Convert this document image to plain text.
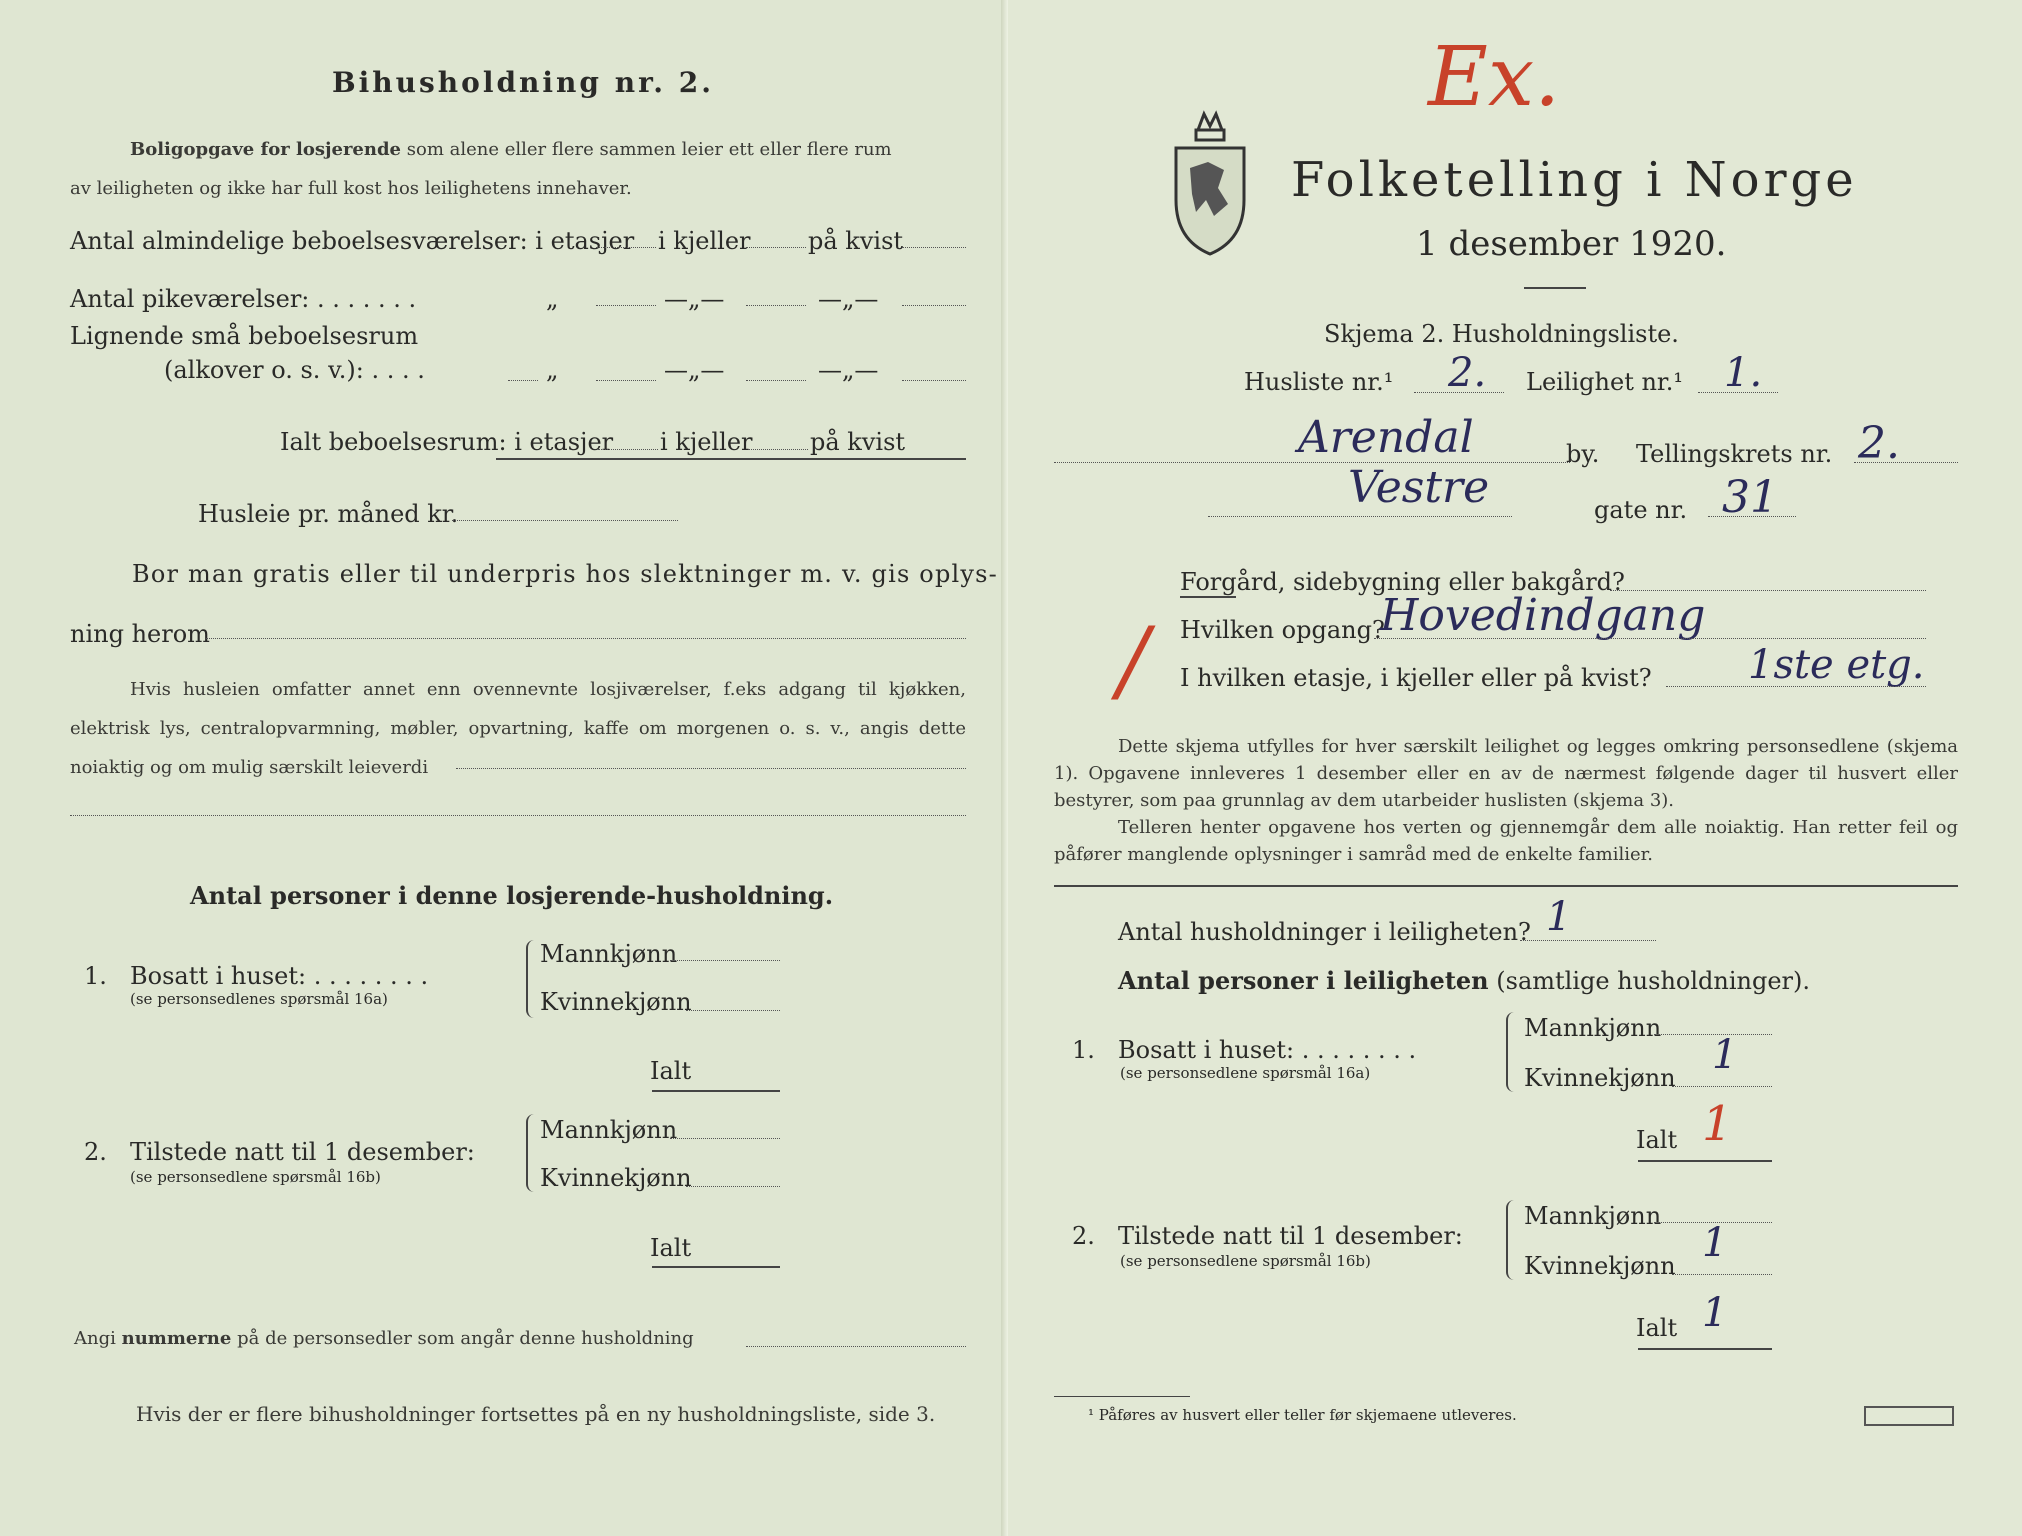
Bihusholdning nr. 2.
Boligopgave for losjerende som alene eller flere sammen leier ett eller flere rum
av leiligheten og ikke har full kost hos leilighetens innehaver.
Antal almindelige beboelsesværelser: i etasjer i kjeller på kvist
Antal pikeværelser: . . . . . . .	„	—„—	—„—
Lignende små beboelsesrum
(alkover o. s. v.): . . . .	„	—„—	—„—
Ialt beboelsesrum: i etasjer i kjeller på kvist
Husleie pr. måned kr.
Bor man gratis eller til underpris hos slektninger m. v. gis oplys-
ning herom
Hvis husleien omfatter annet enn ovennevnte losjiværelser, f.eks adgang til kjøkken, elektrisk lys, centralopvarmning, møbler, opvartning, kaffe om morgenen o. s. v., angis dette noiaktig og om mulig særskilt leieverdi
Antal personer i denne losjerende-husholdning.
1. Bosatt i huset: . . . . . . . .
(se personsedlenes spørsmål 16a)
Mannkjønn
Kvinnekjønn
Ialt
2. Tilstede natt til 1 desember:
(se personsedlene spørsmål 16b)
Mannkjønn
Kvinnekjønn
Ialt
Angi nummerne på de personsedler som angår denne husholdning
Hvis der er flere bihusholdninger fortsettes på en ny husholdningsliste, side 3.
Ex.
Folketelling i Norge
1 desember 1920.
Skjema 2. Husholdningsliste.
Husliste nr.¹ 2. Leilighet nr.¹ 1.
Arendal	by. Tellingskrets nr. 2.
Vestre	gate nr. 31
/
Forgård, sidebygning eller bakgård?
Hvilken opgang?
Hovedindgang
I hvilken etasje, i kjeller eller på kvist? 1ste etg.
Dette skjema utfylles for hver særskilt leilighet og legges omkring personsedlene (skjema 1). Opgavene innleveres 1 desember eller en av de nærmest følgende dager til husvert eller bestyrer, som paa grunnlag av dem utarbeider huslisten (skjema 3).
Telleren henter opgavene hos verten og gjennemgår dem alle noiaktig. Han retter feil og påfører manglende oplysninger i samråd med de enkelte familier.
Antal husholdninger i leiligheten? 1
Antal personer i leiligheten (samtlige husholdninger).
1. Bosatt i huset: . . . . . . . .
(se personsedlene spørsmål 16a)
Mannkjønn
Kvinnekjønn 1
Ialt 1
2. Tilstede natt til 1 desember:
(se personsedlene spørsmål 16b)
Mannkjønn
Kvinnekjønn 1
Ialt 1
¹ Påføres av husvert eller teller før skjemaene utleveres.
